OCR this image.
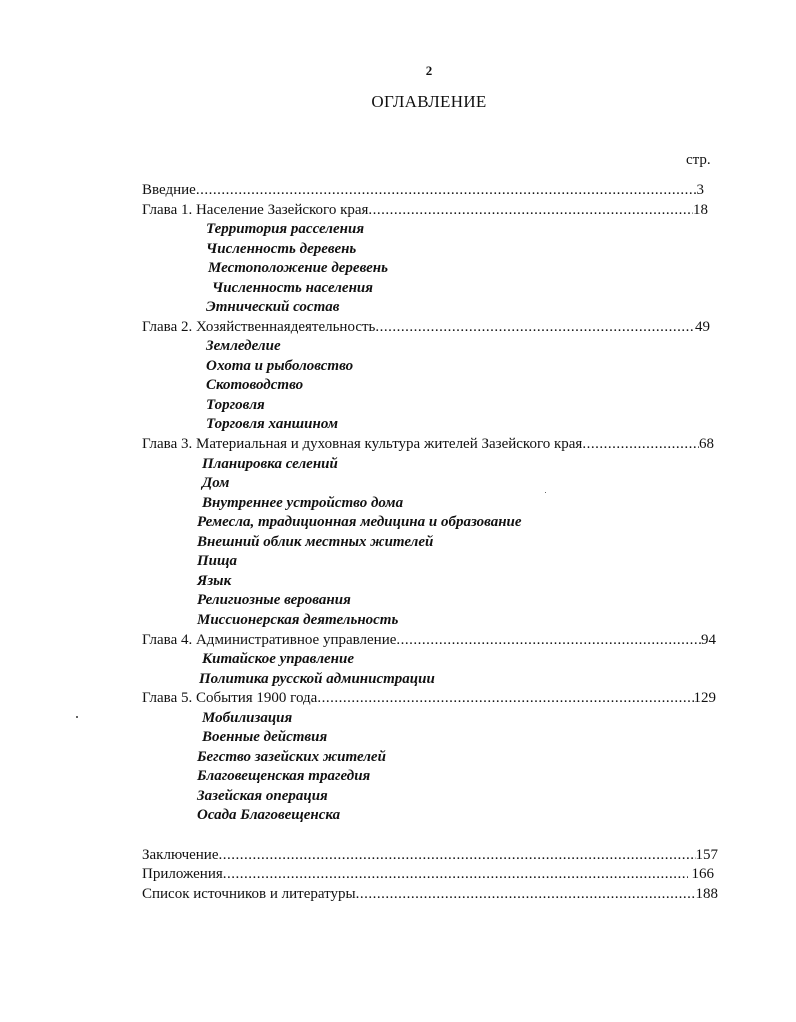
2
ОГЛАВЛЕНИЕ
стр.
Введние .....	3
Глава 1. Население Зазейского края .....	18
Территория расселения
Численность деревень
Местоположение деревень
Численность населения
Этнический состав
Глава 2. Хозяйственнаядеятельность .....	49
Земледелие
Охота и рыболовство
Скотоводство
Торговля
Торговля ханшином
Глава 3. Материальная и духовная культура жителей Зазейского края .....	68
Планировка селений
Дом
Внутреннее устройство дома
Ремесла, традиционная медицина и образование
Внешний облик местных жителей
Пища
Язык
Религиозные верования
Миссионерская деятельность
Глава 4. Административное управление .....	94
Китайское управление
Политика русской администрации
Глава 5. События 1900 года .....	129
Мобилизация
Военные действия
Бегство зазейских жителей
Благовещенская трагедия
Зазейская операция
Осада Благовещенска
Заключение .....	157
Приложения .....	166
Список источников и литературы .....	188
